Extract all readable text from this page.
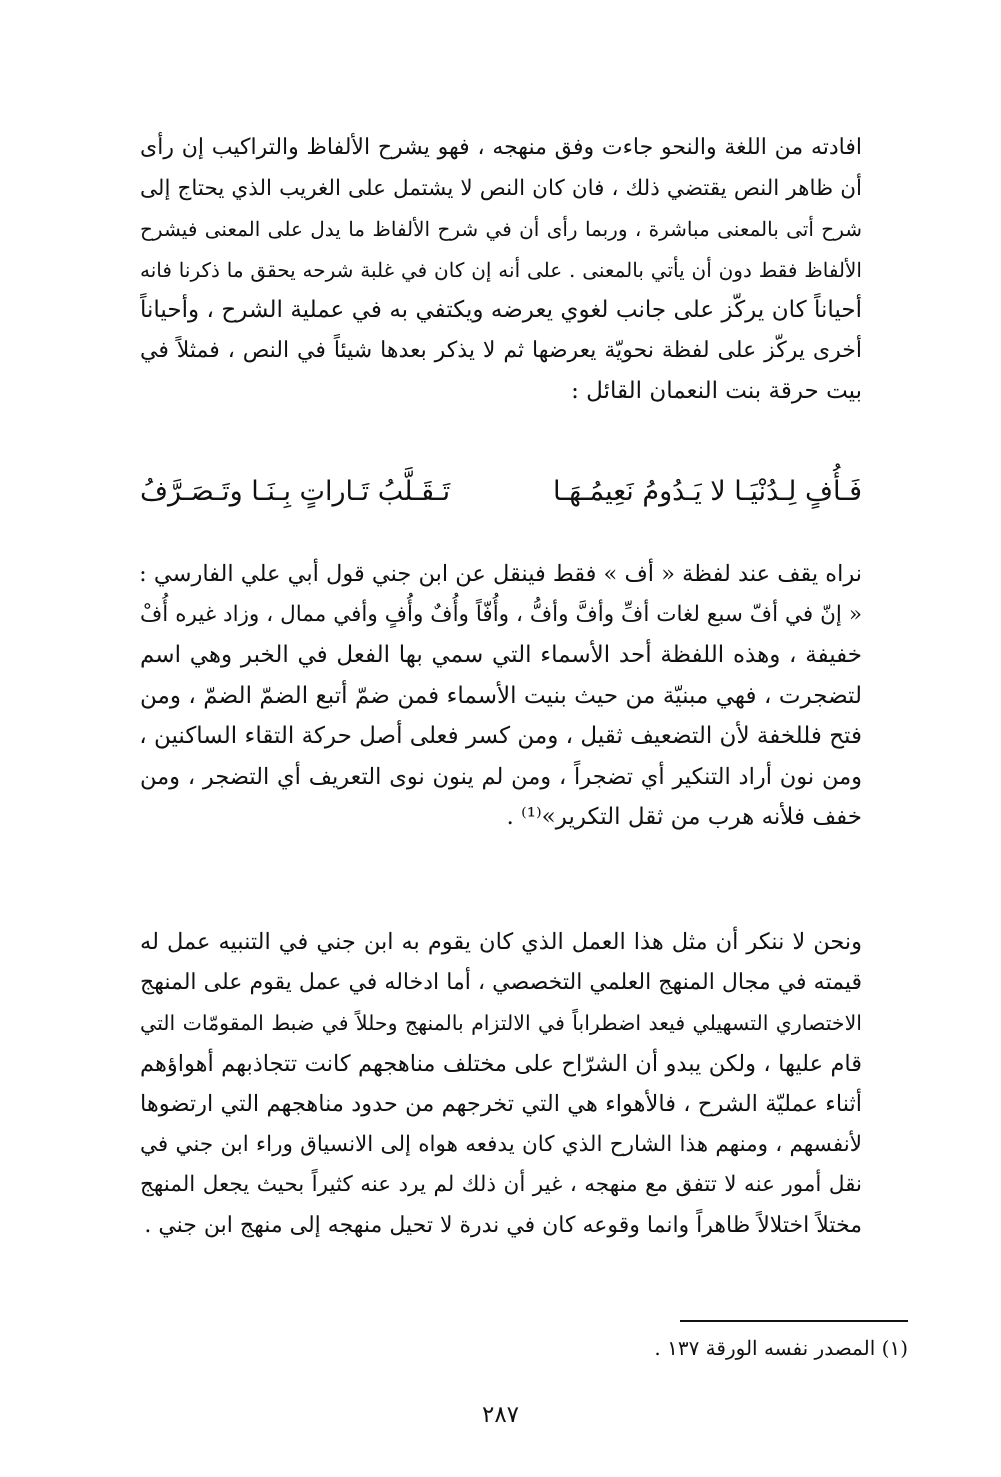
افادته من اللغة والنحو جاءت وفق منهجه ، فهو يشرح الألفاظ والتراكيب إن رأى
أن ظاهر النص يقتضي ذلك ، فان كان النص لا يشتمل على الغريب الذي يحتاج إلى
شرح أتى بالمعنى مباشرة ، وربما رأى أن في شرح الألفاظ ما يدل على المعنى فيشرح
الألفاظ فقط دون أن يأتي بالمعنى . على أنه إن كان في غلبة شرحه يحقق ما ذكرنا فانه
أحياناً كان يركّز على جانب لغوي يعرضه ويكتفي به في عملية الشرح ، وأحياناً
أخرى يركّز على لفظة نحويّة يعرضها ثم لا يذكر بعدها شيئاً في النص ، فمثلاً في
بيت حرقة بنت النعمان القائل :

فَـأُفٍ لِـدُنْيَـا لا يَـدُومُ نَعِيمُـهَـا
تَـقَـلَّبُ تَـاراتٍ بِـنَـا وتَـصَـرَّفُ

نراه يقف عند لفظة « أف » فقط فينقل عن ابن جني قول أبي علي الفارسي :
« إنّ في أفّ سبع لغات أفِّ وأفَّ وأفُّ ، وأُفّاً وأُفٌ وأُفٍ وأفي ممال ، وزاد غيره أُفْ
خفيفة ، وهذه اللفظة أحد الأسماء التي سمي بها الفعل في الخبر وهي اسم
لتضجرت ، فهي مبنيّة من حيث بنيت الأسماء فمن ضمّ أتبع الضمّ الضمّ ، ومن
فتح فللخفة لأن التضعيف ثقيل ، ومن كسر فعلى أصل حركة التقاء الساكنين ،
ومن نون أراد التنكير أي تضجراً ، ومن لم ينون نوى التعريف أي التضجر ، ومن
خفف فلأنه هرب من ثقل التكرير»⁽¹⁾ .

ونحن لا ننكر أن مثل هذا العمل الذي كان يقوم به ابن جني في التنبيه عمل له
قيمته في مجال المنهج العلمي التخصصي ، أما ادخاله في عمل يقوم على المنهج
الاختصاري التسهيلي فيعد اضطراباً في الالتزام بالمنهج وحللاً في ضبط المقومّات التي
قام عليها ، ولكن يبدو أن الشرّاح على مختلف مناهجهم كانت تتجاذبهم أهواؤهم
أثناء عمليّة الشرح ، فالأهواء هي التي تخرجهم من حدود مناهجهم التي ارتضوها
لأنفسهم ، ومنهم هذا الشارح الذي كان يدفعه هواه إلى الانسياق وراء ابن جني في
نقل أمور عنه لا تتفق مع منهجه ، غير أن ذلك لم يرد عنه كثيراً بحيث يجعل المنهج
مختلاً اختلالاً ظاهراً وانما وقوعه كان في ندرة لا تحيل منهجه إلى منهج ابن جني .

(١) المصدر نفسه الورقة ١٣٧ .
٢٨٧
